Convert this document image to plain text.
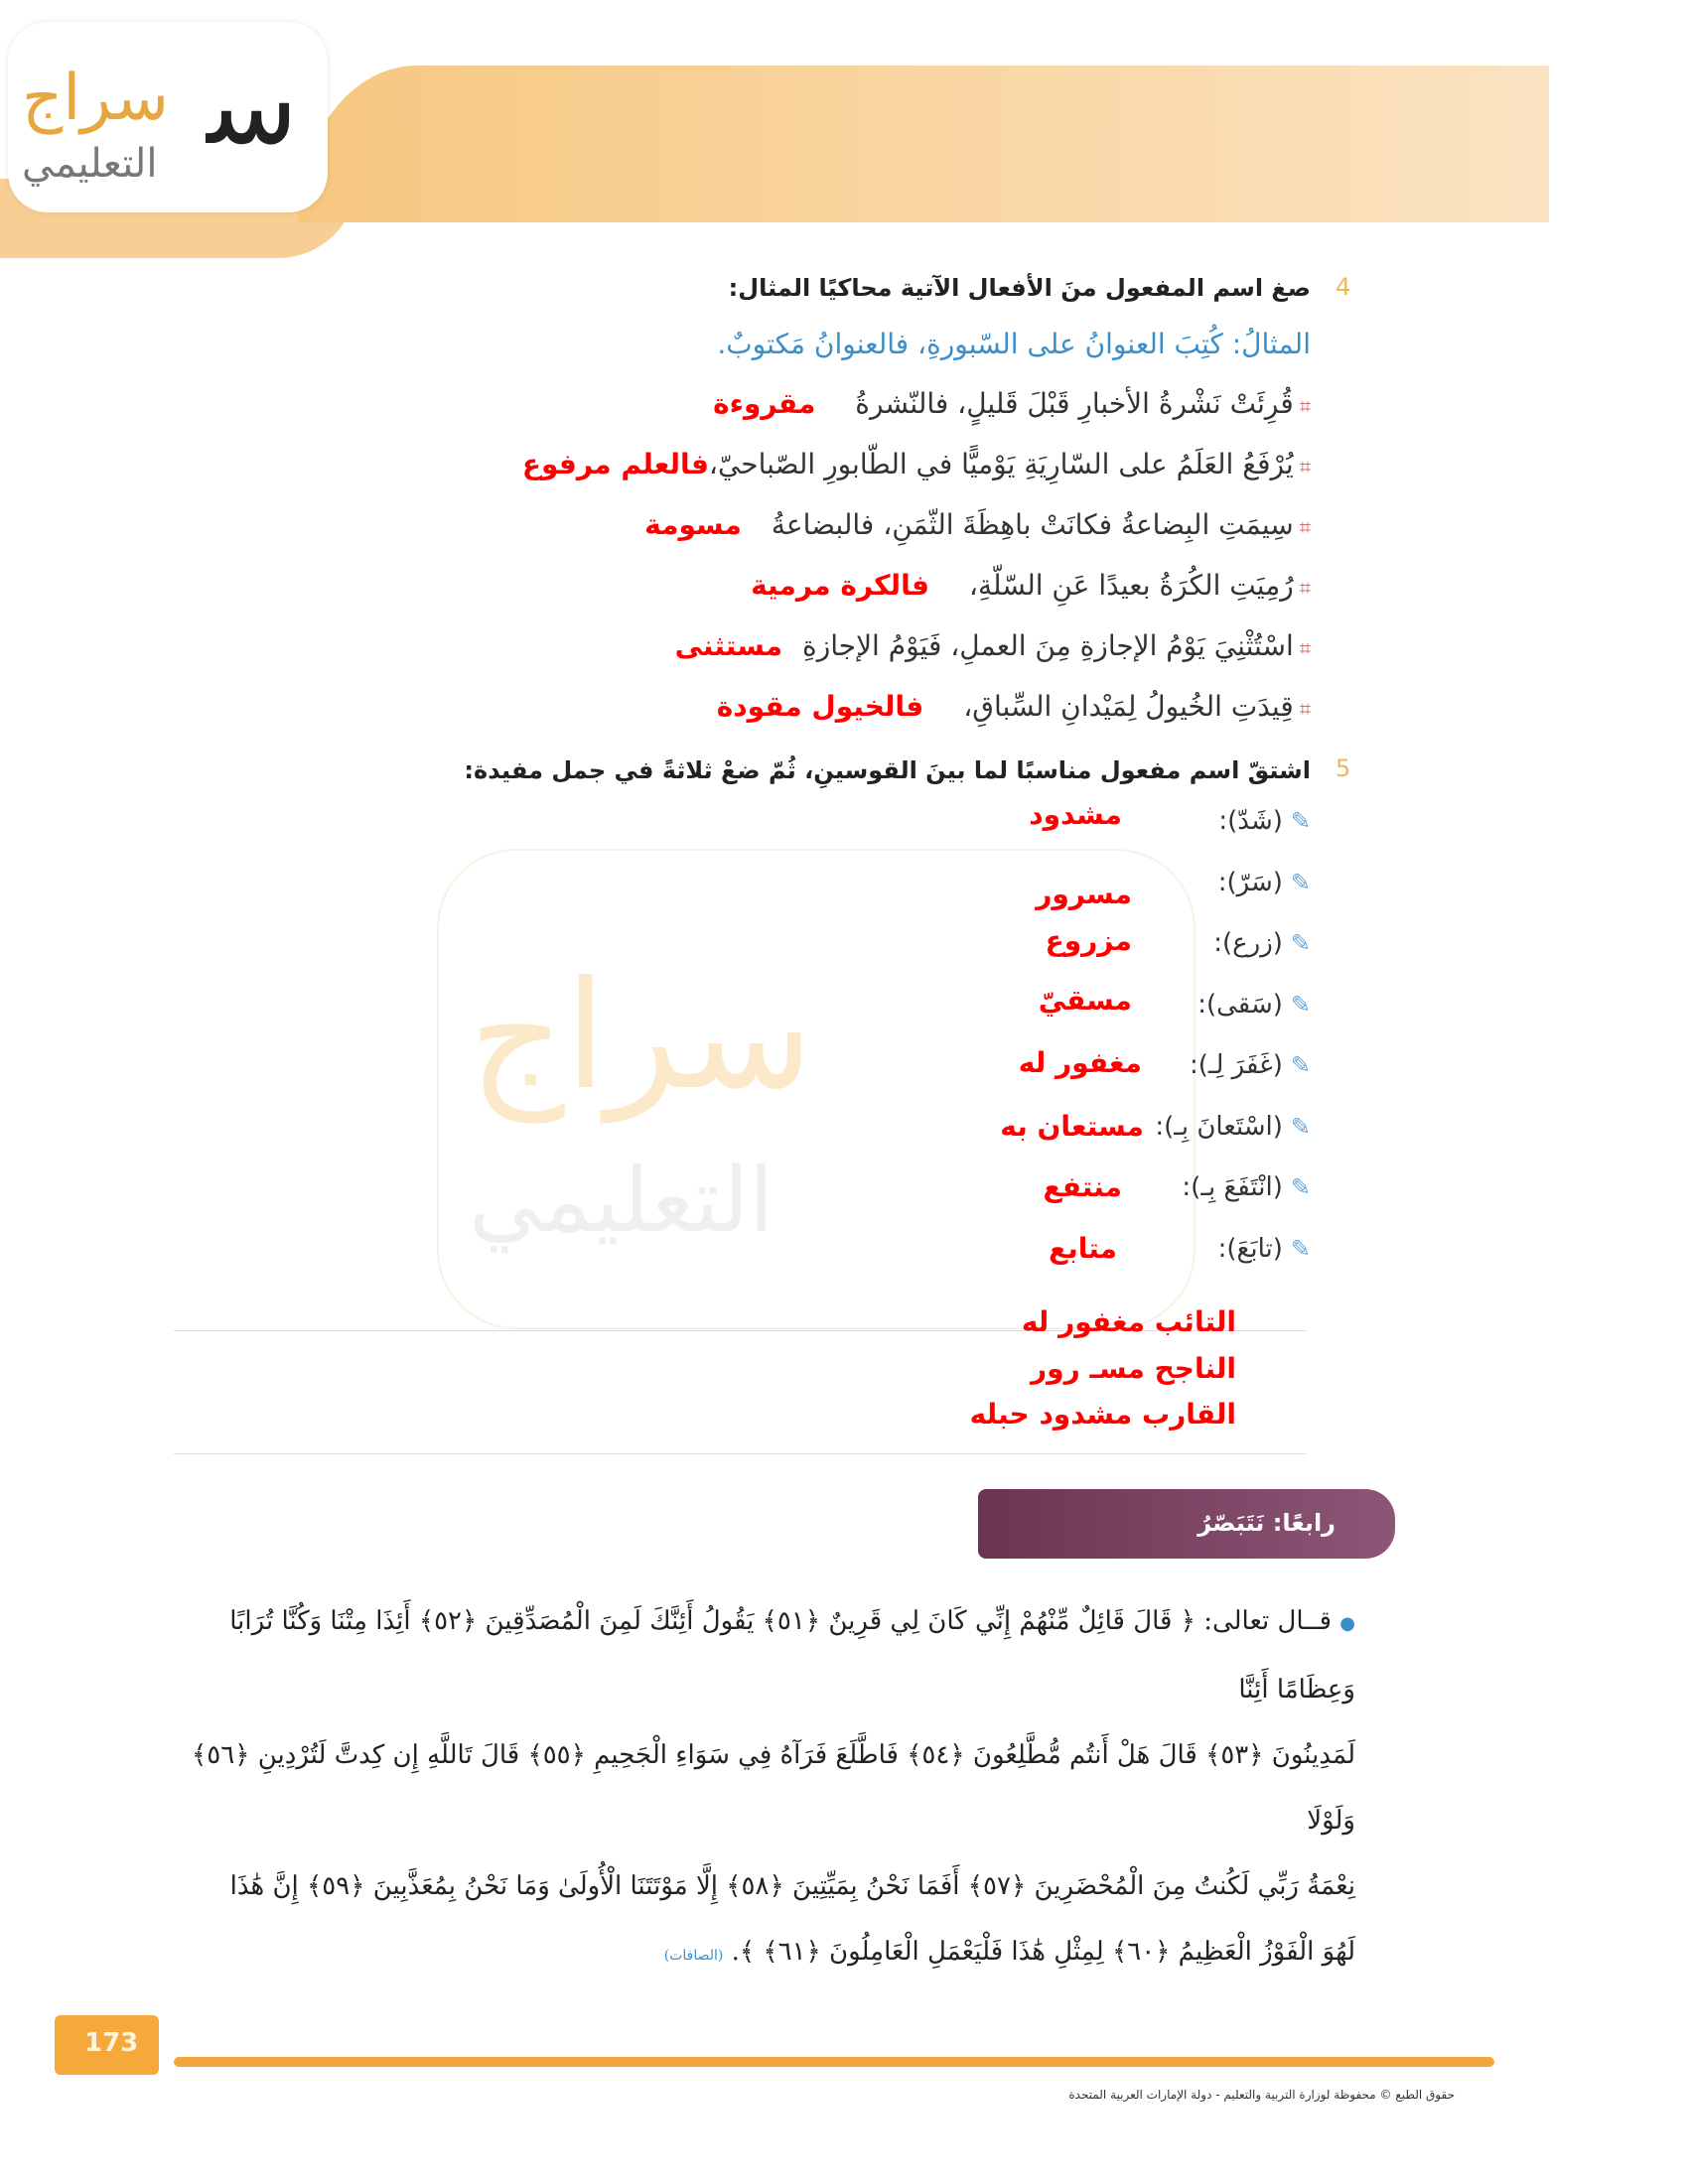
سراج
التعليمي ﺳ
سراج
التعليمي
4
صغ اسم المفعول منَ الأفعال الآتية محاكيًا المثال:
المثالُ: كُتِبَ العنوانُ على السّبورةِ، فالعنوانُ مَكتوبٌ.
⌗قُرِئَتْ نَشْرةُ الأخبارِ قَبْلَ قَليلٍ، فالنّشرةُمقروءة
⌗يُرْفَعُ العَلَمُ على السّارِيَةِ يَوْميًّا في الطّابورِ الصّباحيّ،فالعلم مرفوع
⌗سِيمَتِ البِضاعةُ فكانَتْ باهِظَةَ الثّمَنِ، فالبضاعةُمسومة
⌗رُمِيَتِ الكُرَةُ بعيدًا عَنِ السّلّةِ،فالكرة مرمية
⌗اسْتُثْنِيَ يَوْمُ الإجازةِ مِنَ العملِ، فَيَوْمُ الإجازةِمستثنى
⌗قِيدَتِ الخُيولُ لِمَيْدانِ السِّباقِ،فالخيول مقودة
5
اشتقّ اسم مفعول مناسبًا لما بينَ القوسينِ، ثُمّ ضعْ ثلاثةً في جمل مفيدة:
✎(شَدّ):
مشدود
✎(سَرّ):
مسرور
✎(زرع):
مزروع
✎(سَقى):
مسقيّ
✎(غَفَرَ لِـ):
مغفور له
✎(اسْتَعانَ بِـ):
مستعان به
✎(انْتَفَعَ بِـ):
منتفع
✎(تابَعَ):
متابع
التائب مغفور له
الناجح مسـ رور
القارب مشدود حبله
رابعًا: نَتَبَصّرُ
● قــال تعالى: ﴿ قَالَ قَائِلٌ مِّنْهُمْ إِنِّي كَانَ لِي قَرِينٌ ﴿٥١﴾ يَقُولُ أَئِنَّكَ لَمِنَ الْمُصَدِّقِينَ ﴿٥٢﴾ أَئِذَا مِتْنَا وَكُنَّا تُرَابًا وَعِظَامًا أَئِنَّا
لَمَدِينُونَ ﴿٥٣﴾ قَالَ هَلْ أَنتُم مُّطَّلِعُونَ ﴿٥٤﴾ فَاطَّلَعَ فَرَآهُ فِي سَوَاءِ الْجَحِيمِ ﴿٥٥﴾ قَالَ تَاللَّهِ إِن كِدتَّ لَتُرْدِينِ ﴿٥٦﴾ وَلَوْلَا
نِعْمَةُ رَبِّي لَكُنتُ مِنَ الْمُحْضَرِينَ ﴿٥٧﴾ أَفَمَا نَحْنُ بِمَيِّتِينَ ﴿٥٨﴾ إِلَّا مَوْتَتَنَا الْأُولَىٰ وَمَا نَحْنُ بِمُعَذَّبِينَ ﴿٥٩﴾ إِنَّ هَٰذَا
لَهُوَ الْفَوْزُ الْعَظِيمُ ﴿٦٠﴾ لِمِثْلِ هَٰذَا فَلْيَعْمَلِ الْعَامِلُونَ ﴿٦١﴾ ﴾. (الصافات)
173
حقوق الطبع © محفوظة لوزارة التربية والتعليم - دولة الإمارات العربية المتحدة
